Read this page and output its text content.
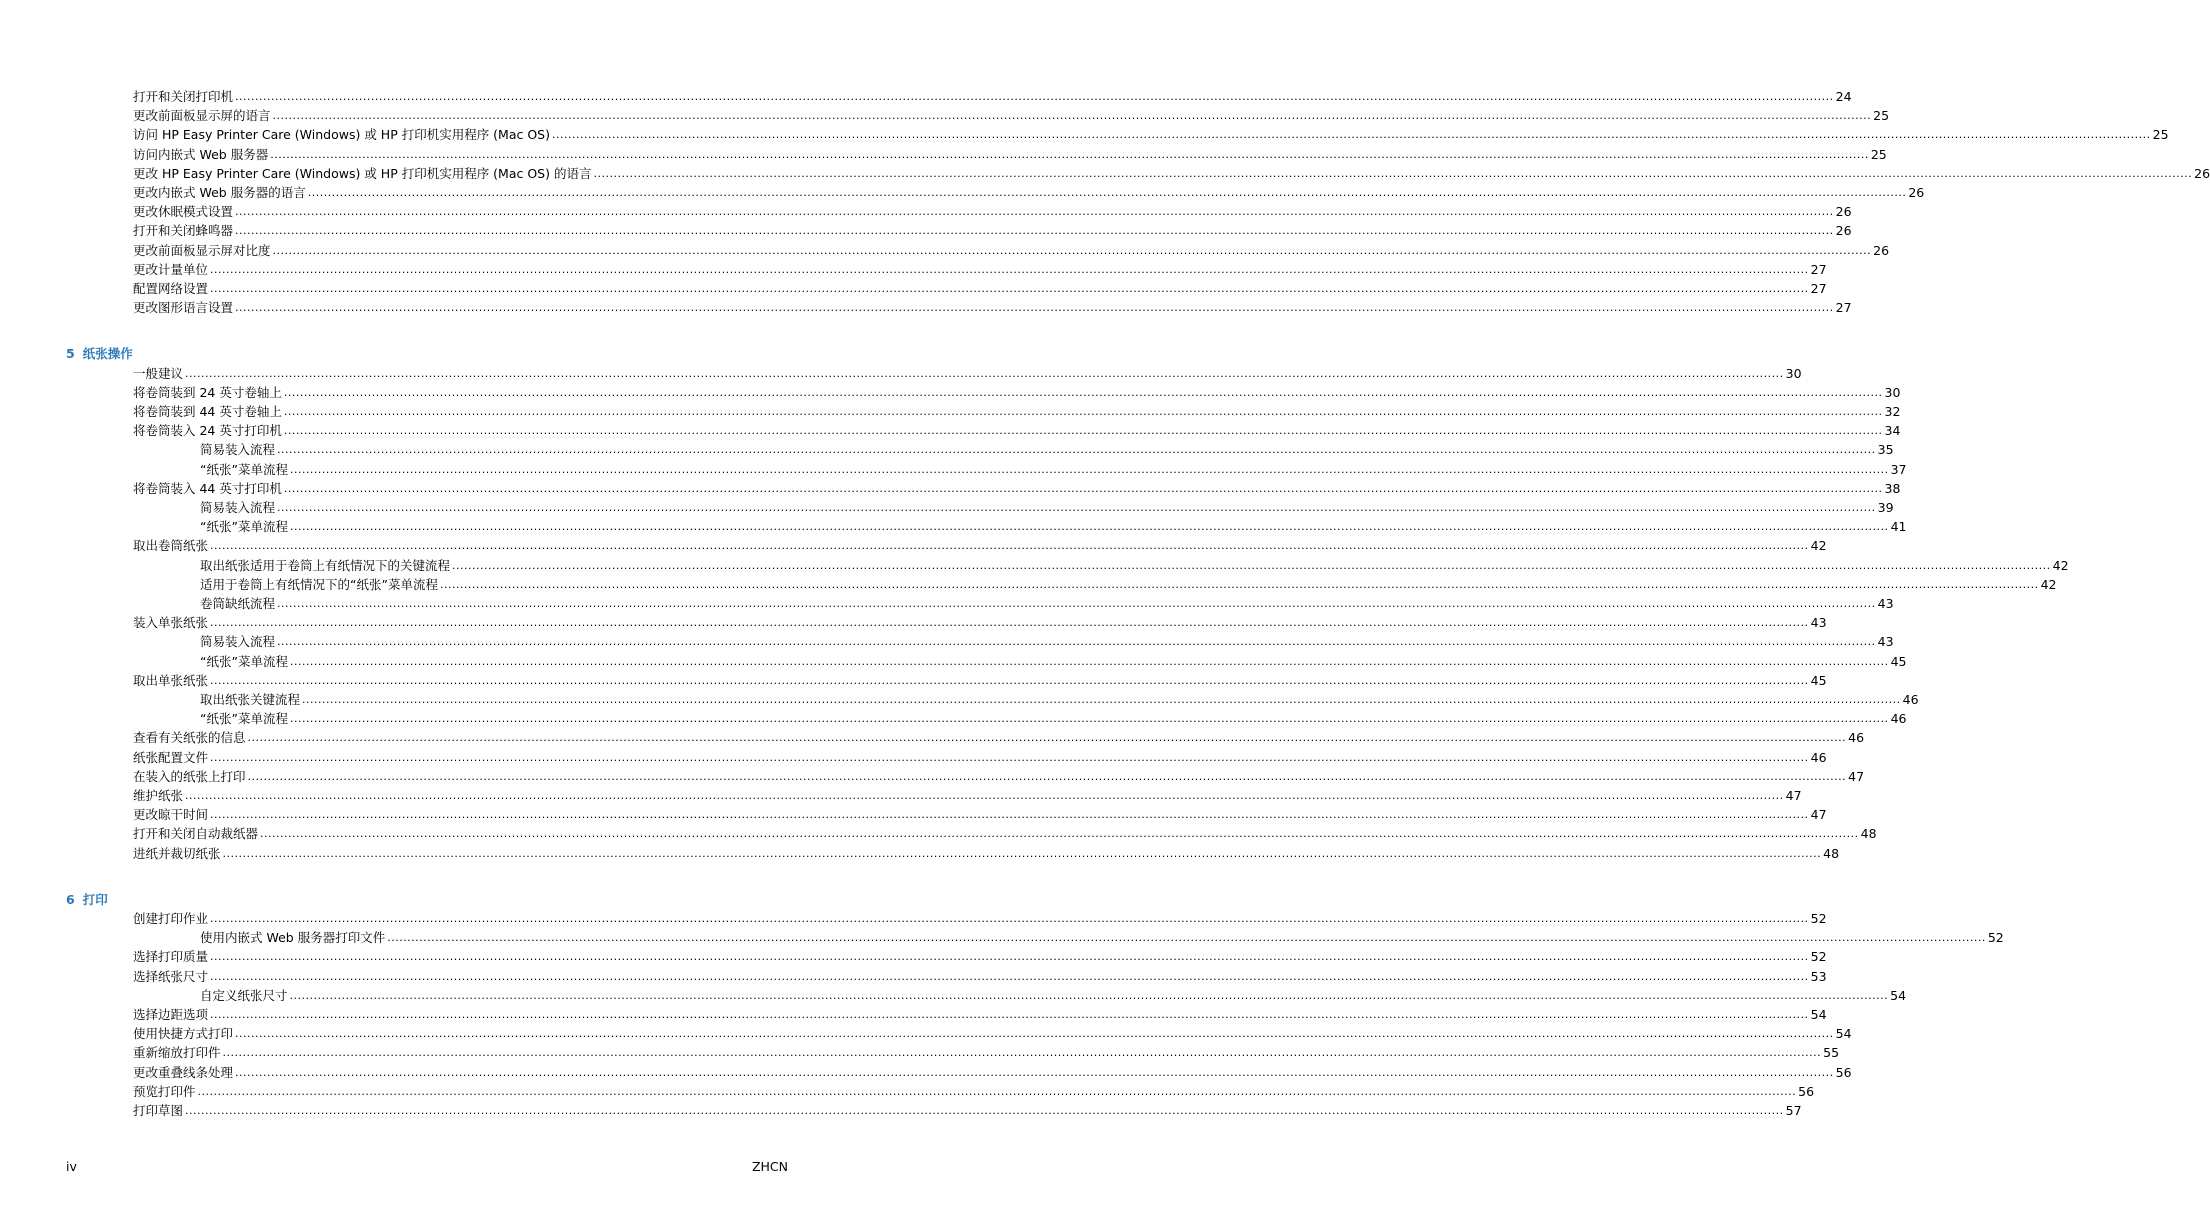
打开和关闭打印机 ................................................................................................................................................................................................................................................................................................................................................................................................................ 24
更改前面板显示屏的语言 ................................................................................................................................................................................................................................................................................................................................................................................................................ 25
访问 HP Easy Printer Care (Windows) 或 HP 打印机实用程序 (Mac OS) ................................................................................................................................................................................................................................................................................................................................................................................................................ 25
访问内嵌式 Web 服务器 ................................................................................................................................................................................................................................................................................................................................................................................................................ 25
更改 HP Easy Printer Care (Windows) 或 HP 打印机实用程序 (Mac OS) 的语言 ................................................................................................................................................................................................................................................................................................................................................................................................................ 26
更改内嵌式 Web 服务器的语言 ................................................................................................................................................................................................................................................................................................................................................................................................................ 26
更改休眠模式设置 ................................................................................................................................................................................................................................................................................................................................................................................................................ 26
打开和关闭蜂鸣器 ................................................................................................................................................................................................................................................................................................................................................................................................................ 26
更改前面板显示屏对比度 ................................................................................................................................................................................................................................................................................................................................................................................................................ 26
更改计量单位 ................................................................................................................................................................................................................................................................................................................................................................................................................ 27
配置网络设置 ................................................................................................................................................................................................................................................................................................................................................................................................................ 27
更改图形语言设置 ................................................................................................................................................................................................................................................................................................................................................................................................................ 27
5 纸张操作
一般建议 ................................................................................................................................................................................................................................................................................................................................................................................................................ 30
将卷筒装到 24 英寸卷轴上 ................................................................................................................................................................................................................................................................................................................................................................................................................ 30
将卷筒装到 44 英寸卷轴上 ................................................................................................................................................................................................................................................................................................................................................................................................................ 32
将卷筒装入 24 英寸打印机 ................................................................................................................................................................................................................................................................................................................................................................................................................ 34
简易装入流程 ................................................................................................................................................................................................................................................................................................................................................................................................................ 35
“纸张”菜单流程 ................................................................................................................................................................................................................................................................................................................................................................................................................ 37
将卷筒装入 44 英寸打印机 ................................................................................................................................................................................................................................................................................................................................................................................................................ 38
简易装入流程 ................................................................................................................................................................................................................................................................................................................................................................................................................ 39
“纸张”菜单流程 ................................................................................................................................................................................................................................................................................................................................................................................................................ 41
取出卷筒纸张 ................................................................................................................................................................................................................................................................................................................................................................................................................ 42
取出纸张适用于卷筒上有纸情况下的关键流程 ................................................................................................................................................................................................................................................................................................................................................................................................................ 42
适用于卷筒上有纸情况下的“纸张”菜单流程 ................................................................................................................................................................................................................................................................................................................................................................................................................ 42
卷筒缺纸流程 ................................................................................................................................................................................................................................................................................................................................................................................................................ 43
装入单张纸张 ................................................................................................................................................................................................................................................................................................................................................................................................................ 43
简易装入流程 ................................................................................................................................................................................................................................................................................................................................................................................................................ 43
“纸张”菜单流程 ................................................................................................................................................................................................................................................................................................................................................................................................................ 45
取出单张纸张 ................................................................................................................................................................................................................................................................................................................................................................................................................ 45
取出纸张关键流程 ................................................................................................................................................................................................................................................................................................................................................................................................................ 46
“纸张”菜单流程 ................................................................................................................................................................................................................................................................................................................................................................................................................ 46
查看有关纸张的信息 ................................................................................................................................................................................................................................................................................................................................................................................................................ 46
纸张配置文件 ................................................................................................................................................................................................................................................................................................................................................................................................................ 46
在装入的纸张上打印 ................................................................................................................................................................................................................................................................................................................................................................................................................ 47
维护纸张 ................................................................................................................................................................................................................................................................................................................................................................................................................ 47
更改晾干时间 ................................................................................................................................................................................................................................................................................................................................................................................................................ 47
打开和关闭自动裁纸器 ................................................................................................................................................................................................................................................................................................................................................................................................................ 48
进纸并裁切纸张 ................................................................................................................................................................................................................................................................................................................................................................................................................ 48
6 打印
创建打印作业 ................................................................................................................................................................................................................................................................................................................................................................................................................ 52
使用内嵌式 Web 服务器打印文件 ................................................................................................................................................................................................................................................................................................................................................................................................................ 52
选择打印质量 ................................................................................................................................................................................................................................................................................................................................................................................................................ 52
选择纸张尺寸 ................................................................................................................................................................................................................................................................................................................................................................................................................ 53
自定义纸张尺寸 ................................................................................................................................................................................................................................................................................................................................................................................................................ 54
选择边距选项 ................................................................................................................................................................................................................................................................................................................................................................................................................ 54
使用快捷方式打印 ................................................................................................................................................................................................................................................................................................................................................................................................................ 54
重新缩放打印件 ................................................................................................................................................................................................................................................................................................................................................................................................................ 55
更改重叠线条处理 ................................................................................................................................................................................................................................................................................................................................................................................................................ 56
预览打印件 ................................................................................................................................................................................................................................................................................................................................................................................................................ 56
打印草图 ................................................................................................................................................................................................................................................................................................................................................................................................................ 57
iv	ZHCN
